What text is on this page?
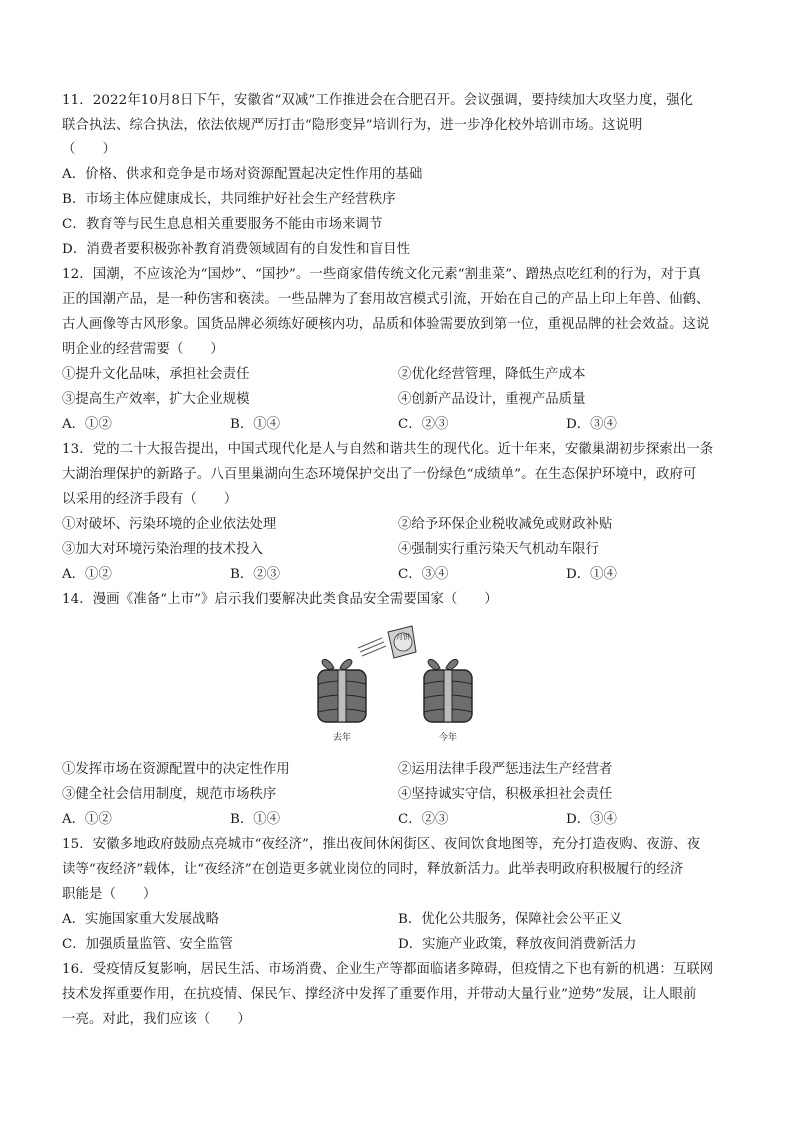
11．2022年10月8日下午，安徽省“双减”工作推进会在合肥召开。会议强调，要持续加大攻坚力度，强化
联合执法、综合执法，依法依规严厉打击“隐形变异”培训行为，进一步净化校外培训市场。这说明
（　　）
A．价格、供求和竞争是市场对资源配置起决定性作用的基础
B．市场主体应健康成长，共同维护好社会生产经营秩序
C．教育等与民生息息相关重要服务不能由市场来调节
D．消费者要积极弥补教育消费领域固有的自发性和盲目性
12．国潮，不应该沦为“国炒”、“国抄”。一些商家借传统文化元素“割韭菜”、蹭热点吃红利的行为，对于真
正的国潮产品，是一种伤害和亵渎。一些品牌为了套用故宫模式引流，开始在自己的产品上印上年兽、仙鹤、
古人画像等古风形象。国货品牌必须练好硬核内功，品质和体验需要放到第一位，重视品牌的社会效益。这说
明企业的经营需要（　　）
①提升文化品味，承担社会责任	②优化经营管理，降低生产成本
③提高生产效率，扩大企业规模	④创新产品设计，重视产品质量
A．①②	B．①④	C．②③	D．③④
13．党的二十大报告提出，中国式现代化是人与自然和谐共生的现代化。近十年来，安徽巢湖初步探索出一条
大湖治理保护的新路子。八百里巢湖向生态环境保护交出了一份绿色“成绩单”。在生态保护环境中，政府可
以采用的经济手段有（　　）
①对破坏、污染环境的企业依法处理	②给予环保企业税收减免或财政补贴
③加大对环境污染治理的技术投入	④强制实行重污染天气机动车限行
A．①②	B．②③	C．③④	D．①④
14．漫画《准备“上市”》启示我们要解决此类食品安全需要国家（　　）
月饼
去年	今年
①发挥市场在资源配置中的决定性作用	②运用法律手段严惩违法生产经营者
③健全社会信用制度，规范市场秩序	④坚持诚实守信，积极承担社会责任
A．①②	B．①④	C．②③	D．③④
15．安徽多地政府鼓励点亮城市“夜经济”，推出夜间休闲街区、夜间饮食地图等，充分打造夜购、夜游、夜
读等“夜经济”载体，让“夜经济”在创造更多就业岗位的同时，释放新活力。此举表明政府积极履行的经济
职能是（　　）
A．实施国家重大发展战略	B．优化公共服务，保障社会公平正义
C．加强质量监管、安全监管	D．实施产业政策，释放夜间消费新活力
16．受疫情反复影响，居民生活、市场消费、企业生产等都面临诸多障碍，但疫情之下也有新的机遇：互联网
技术发挥重要作用，在抗疫情、保民乍、撑经济中发挥了重要作用，并带动大量行业”逆势”发展，让人眼前
一亮。对此，我们应该（　　）
